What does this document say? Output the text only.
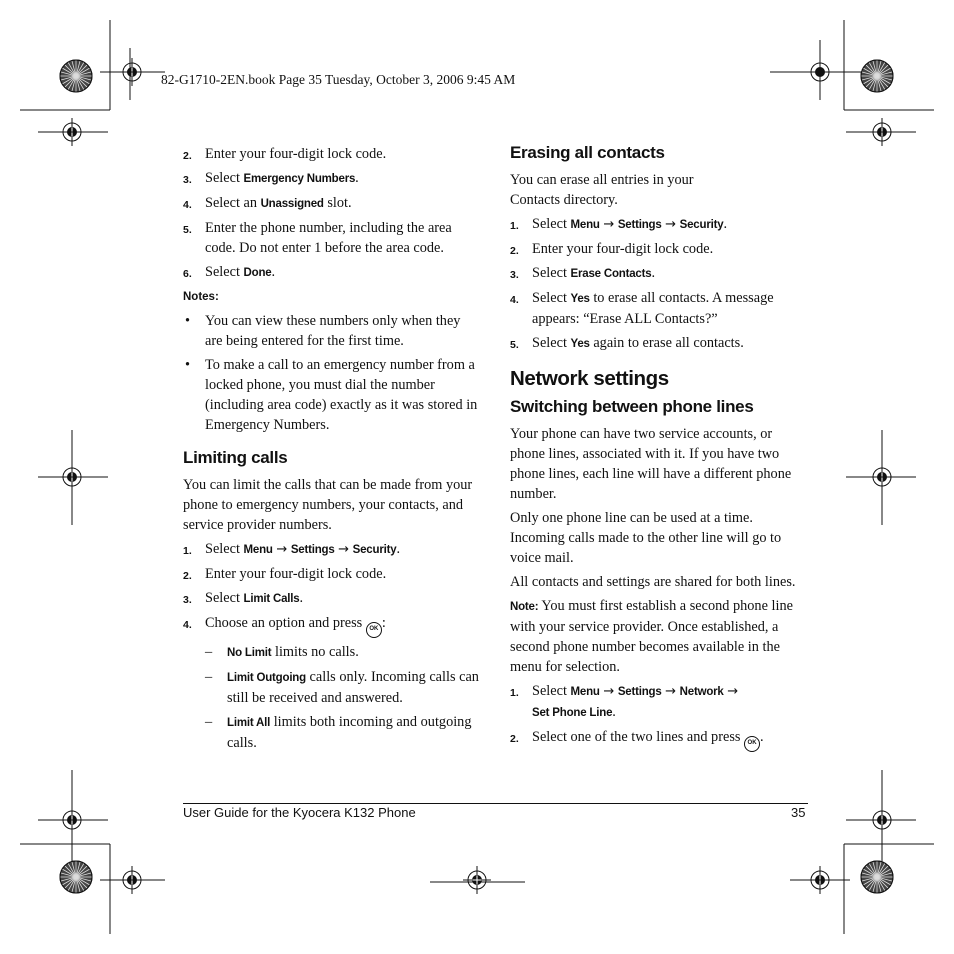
82-G1710-2EN.book Page 35 Tuesday, October 3, 2006 9:45 AM
2. Enter your four-digit lock code.
3. Select Emergency Numbers.
4. Select an Unassigned slot.
5. Enter the phone number, including the area code. Do not enter 1 before the area code.
6. Select Done.
Notes:
• You can view these numbers only when they are being entered for the first time.
• To make a call to an emergency number from a locked phone, you must dial the number (including area code) exactly as it was stored in Emergency Numbers.
Limiting calls

You can limit the calls that can be made from your phone to emergency numbers, your contacts, and service provider numbers.

1. Select Menu → Settings → Security.
2. Enter your four-digit lock code.
3. Select Limit Calls.
4. Choose an option and press OK :
– No Limit limits no calls.
– Limit Outgoing calls only. Incoming calls can still be received and answered.
– Limit All limits both incoming and outgoing calls.
Erasing all contacts

You can erase all entries in your Contacts directory.

1. Select Menu → Settings → Security.
2. Enter your four-digit lock code.
3. Select Erase Contacts.
4. Select Yes to erase all contacts. A message appears: “Erase ALL Contacts?”
5. Select Yes again to erase all contacts.
Network settings
Switching between phone lines

Your phone can have two service accounts, or phone lines, associated with it. If you have two phone lines, each line will have a different phone number.

Only one phone line can be used at a time. Incoming calls made to the other line will go to voice mail.

All contacts and settings are shared for both lines.

Note: You must first establish a second phone line with your service provider. Once established, a second phone number becomes available in the menu for selection.

1. Select Menu → Settings → Network →
Set Phone Line.
2. Select one of the two lines and press OK .
User Guide for the Kyocera K132 Phone	35
